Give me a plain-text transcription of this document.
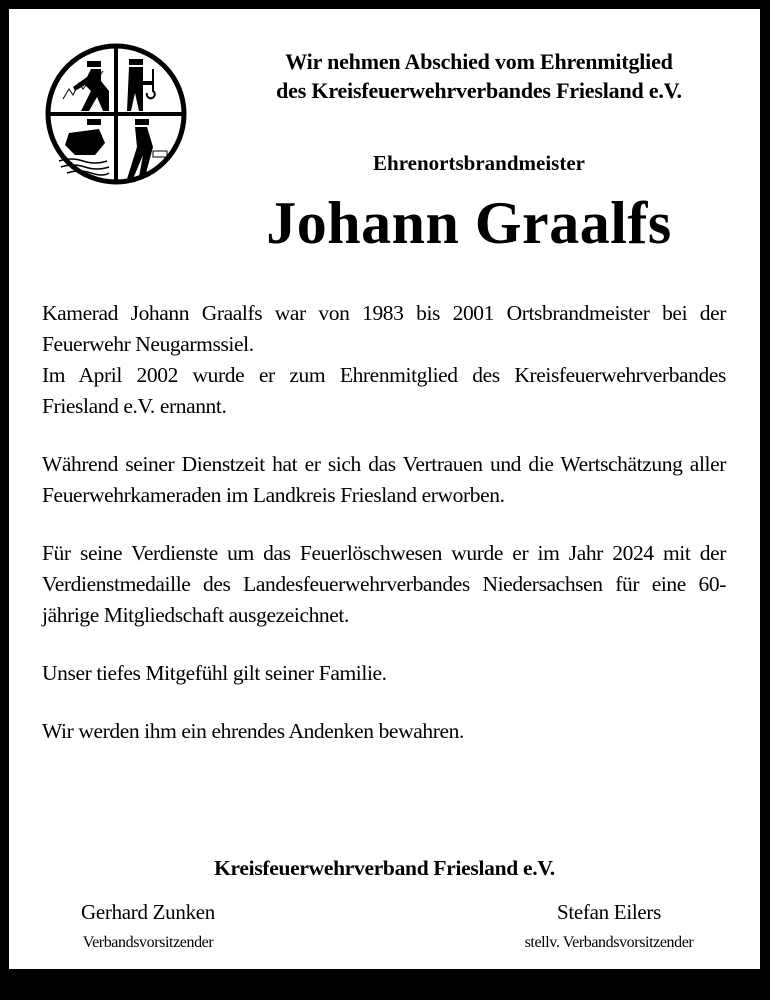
Wir nehmen Abschied vom Ehrenmitglied
des Kreisfeuerwehrverbandes Friesland e.V.
Ehrenortsbrandmeister
Johann Graalfs

Kamerad Johann Graalfs war von 1983 bis 2001 Ortsbrandmeister bei der Feuerwehr Neugarmssiel.
Im April 2002 wurde er zum Ehrenmitglied des Kreisfeuerwehrverbandes Friesland e.V. ernannt.

Während seiner Dienstzeit hat er sich das Vertrauen und die Wertschätzung aller Feuerwehrkameraden im Landkreis Friesland erworben.

Für seine Verdienste um das Feuerlöschwesen wurde er im Jahr 2024 mit der Verdienstmedaille des Landesfeuerwehrverbandes Niedersachsen für eine 60-jährige Mitgliedschaft ausgezeichnet.

Unser tiefes Mitgefühl gilt seiner Familie.

Wir werden ihm ein ehrendes Andenken bewahren.

Kreisfeuerwehrverband Friesland e.V.
Gerhard Zunken
Verbandsvorsitzender
Stefan Eilers
stellv. Verbandsvorsitzender
